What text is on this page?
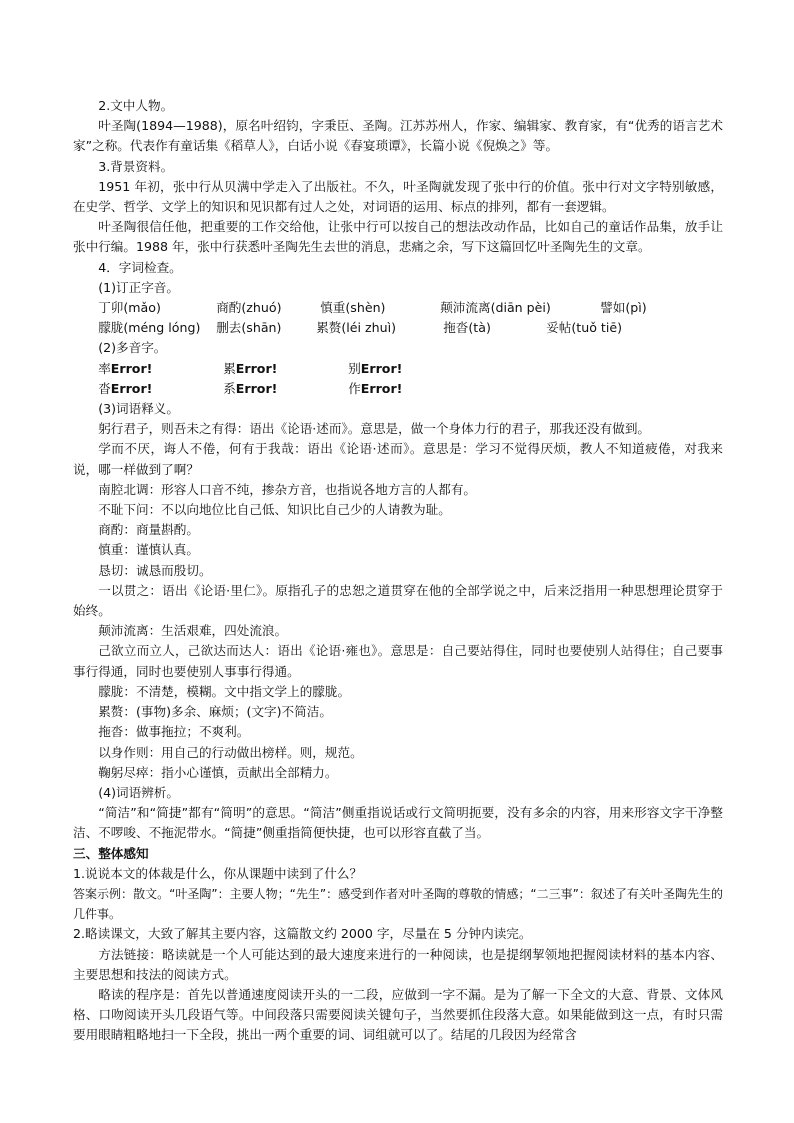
2.文中人物。

叶圣陶(1894—1988)，原名叶绍钧，字秉臣、圣陶。江苏苏州人，作家、编辑家、教育家，有“优秀的语言艺术家”之称。代表作有童话集《稻草人》，白话小说《春宴琐谭》，长篇小说《倪焕之》等。

3.背景资料。

1951 年初，张中行从贝满中学走入了出版社。不久，叶圣陶就发现了张中行的价值。张中行对文字特别敏感，在史学、哲学、文学上的知识和见识都有过人之处，对词语的运用、标点的排列，都有一套逻辑。

叶圣陶很信任他，把重要的工作交给他，让张中行可以按自己的想法改动作品，比如自己的童话作品集，放手让张中行编。1988 年，张中行获悉叶圣陶先生去世的消息，悲痛之余，写下这篇回忆叶圣陶先生的文章。

4．字词检查。

(1)订正字音。

丁卯(mǎo)	商酌(zhuó)	慎重(shèn)	颠沛流离(diān pèi)	譬如(pì)
朦胧(méng lóng)	删去(shān)	累赘(léi zhuì)	拖沓(tà)	妥帖(tuǒ tiē)

(2)多音字。

率Error!	累Error!	别Error!
沓Error!	系Error!	作Error!

(3)词语释义。

躬行君子，则吾未之有得：语出《论语·述而》。意思是，做一个身体力行的君子，那我还没有做到。

学而不厌，诲人不倦，何有于我哉：语出《论语·述而》。意思是：学习不觉得厌烦，教人不知道疲倦，对我来说，哪一样做到了啊？

南腔北调：形容人口音不纯，掺杂方音，也指说各地方言的人都有。

不耻下问：不以向地位比自己低、知识比自己少的人请教为耻。

商酌：商量斟酌。

慎重：谨慎认真。

恳切：诚恳而殷切。

一以贯之：语出《论语·里仁》。原指孔子的忠恕之道贯穿在他的全部学说之中，后来泛指用一种思想理论贯穿于始终。

颠沛流离：生活艰难，四处流浪。

己欲立而立人，己欲达而达人：语出《论语·雍也》。意思是：自己要站得住，同时也要使别人站得住；自己要事事行得通，同时也要使别人事事行得通。

朦胧：不清楚，模糊。文中指文学上的朦胧。

累赘：(事物)多余、麻烦；(文字)不简洁。

拖沓：做事拖拉；不爽利。

以身作则：用自己的行动做出榜样。则，规范。

鞠躬尽瘁：指小心谨慎，贡献出全部精力。

(4)词语辨析。

“简洁”和“简捷”都有“简明”的意思。“简洁”侧重指说话或行文简明扼要，没有多余的内容，用来形容文字干净整洁、不啰唆、不拖泥带水。“简捷”侧重指简便快捷，也可以形容直截了当。

三、整体感知

1.说说本文的体裁是什么，你从课题中读到了什么？

答案示例：散文。“叶圣陶”：主要人物；“先生”：感受到作者对叶圣陶的尊敬的情感；“二三事”：叙述了有关叶圣陶先生的几件事。

2.略读课文，大致了解其主要内容，这篇散文约 2000 字，尽量在 5 分钟内读完。

方法链接：略读就是一个人可能达到的最大速度来进行的一种阅读，也是提纲挈领地把握阅读材料的基本内容、主要思想和技法的阅读方式。

略读的程序是：首先以普通速度阅读开头的一二段，应做到一字不漏。是为了解一下全文的大意、背景、文体风格、口吻阅读开头几段语气等。中间段落只需要阅读关键句子，当然要抓住段落大意。如果能做到这一点，有时只需要用眼睛粗略地扫一下全段，挑出一两个重要的词、词组就可以了。结尾的几段因为经常含
